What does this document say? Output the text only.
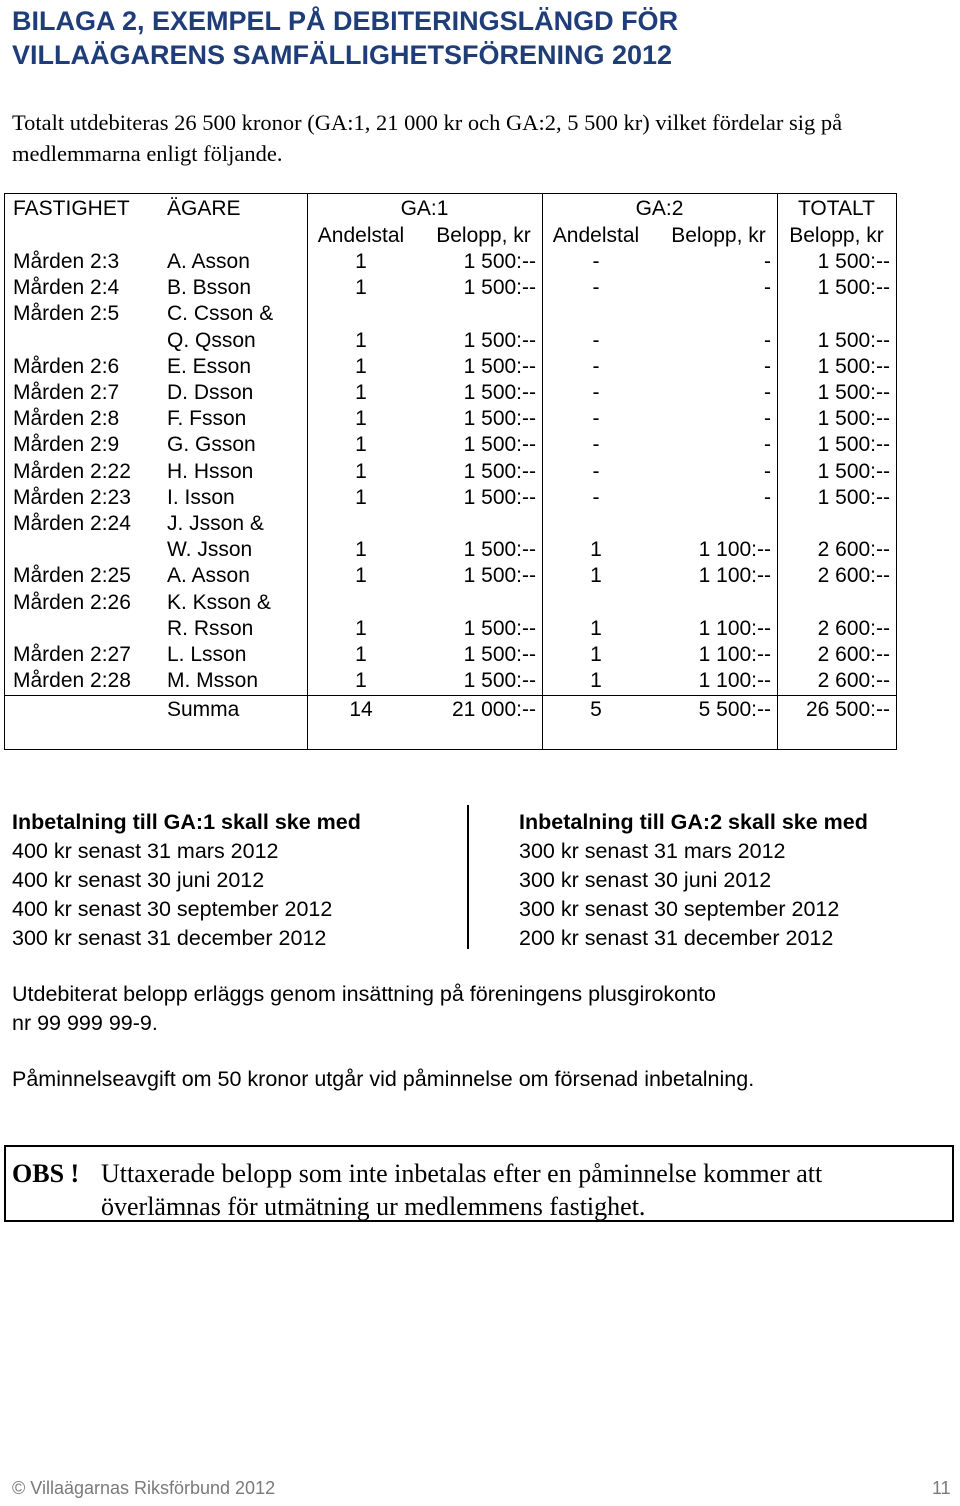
BILAGA 2, EXEMPEL PÅ DEBITERINGSLÄNGD FÖR
VILLAÄGARENS SAMFÄLLIGHETSFÖRENING 2012
Totalt utdebiteras 26 500 kronor (GA:1, 21 000 kr och GA:2, 5 500 kr) vilket fördelar sig på
medlemmarna enligt följande.
FASTIGHET ÄGARE	GA:1	GA:2	TOTALT
Andelstal	Belopp, kr	Andelstal	Belopp, kr	Belopp, kr
Mården 2:3 A. Asson	1	1 500:--	-	-	1 500:--
Mården 2:4 B. Bsson	1	1 500:--	-	-	1 500:--
Mården 2:5 C. Csson &
Q. Qsson	1	1 500:--	-	-	1 500:--
Mården 2:6 E. Esson	1	1 500:--	-	-	1 500:--
Mården 2:7 D. Dsson	1	1 500:--	-	-	1 500:--
Mården 2:8 F. Fsson	1	1 500:--	-	-	1 500:--
Mården 2:9 G. Gsson	1	1 500:--	-	-	1 500:--
Mården 2:22 H. Hsson	1	1 500:--	-	-	1 500:--
Mården 2:23 I. Isson	1	1 500:--	-	-	1 500:--
Mården 2:24 J. Jsson &
W. Jsson	1	1 500:--	1	1 100:--	2 600:--
Mården 2:25 A. Asson	1	1 500:--	1	1 100:--	2 600:--
Mården 2:26 K. Ksson &
R. Rsson	1	1 500:--	1	1 100:--	2 600:--
Mården 2:27 L. Lsson	1	1 500:--	1	1 100:--	2 600:--
Mården 2:28 M. Msson	1	1 500:--	1	1 100:--	2 600:--
Summa	14	21 000:--	5	5 500:--	26 500:--
Inbetalning till GA:1 skall ske med
400 kr senast 31 mars 2012
400 kr senast 30 juni 2012
400 kr senast 30 september 2012
300 kr senast 31 december 2012
Inbetalning till GA:2 skall ske med
300 kr senast 31 mars 2012
300 kr senast 30 juni 2012
300 kr senast 30 september 2012
200 kr senast 31 december 2012
Utdebiterat belopp erläggs genom insättning på föreningens plusgirokonto
nr 99 999 99-9.
Påminnelseavgift om 50 kronor utgår vid påminnelse om försenad inbetalning.
OBS ! Uttaxerade belopp som inte inbetalas efter en påminnelse kommer att
överlämnas för utmätning ur medlemmens fastighet.
© Villaägarnas Riksförbund 2012	11
